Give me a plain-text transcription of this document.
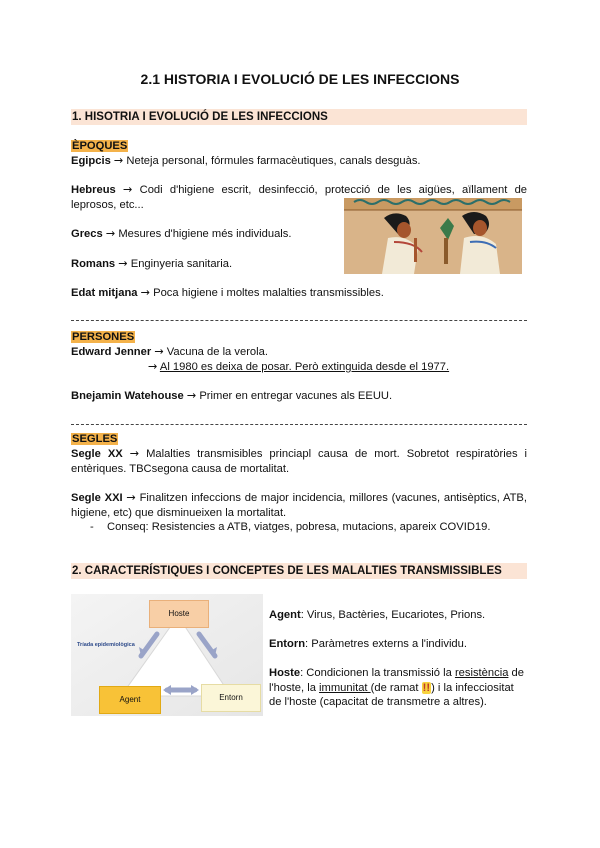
2.1 HISTORIA I EVOLUCIÓ DE LES INFECCIONS
1. HISOTRIA I EVOLUCIÓ DE LES INFECCIONS
ÈPOQUES
Egipcis → Neteja personal, fórmules farmacèutiques, canals desguàs.
Hebreus → Codi d'higiene escrit, desinfecció, protecció de les aigües, aïllament de leprosos, etc...
Grecs → Mesures d'higiene més individuals.
Romans → Enginyeria sanitaria.
Edat mitjana → Poca higiene i moltes malalties transmissibles.
PERSONES
Edward Jenner → Vacuna de la verola.
→ Al 1980 es deixa de posar. Però extinguida desde el 1977.
Bnejamin Watehouse → Primer en entregar vacunes als EEUU.
SEGLES
Segle XX → Malalties transmisibles princiapl causa de mort. Sobretot respiratòries i entèriques. TBCsegona causa de mortalitat.
Segle XXI → Finalitzen infeccions de major incidencia, millores (vacunes, antisèptics, ATB, higiene, etc) que disminueixen la mortalitat.
- Conseq: Resistencies a ATB, viatges, pobresa, mutacions, apareix COVID19.
2. CARACTERÍSTIQUES I CONCEPTES DE LES MALALTIES TRANSMISSIBLES
Hoste
Agent	Entorn
Tríada epidemiològica
Agent: Virus, Bactèries, Eucariotes, Prions.
Entorn: Paràmetres externs a l'individu.
Hoste: Condicionen la transmissió la resistència de l'hoste, la immunitat (de ramat !!) i la infecciositat de l'hoste (capacitat de transmetre a altres).
